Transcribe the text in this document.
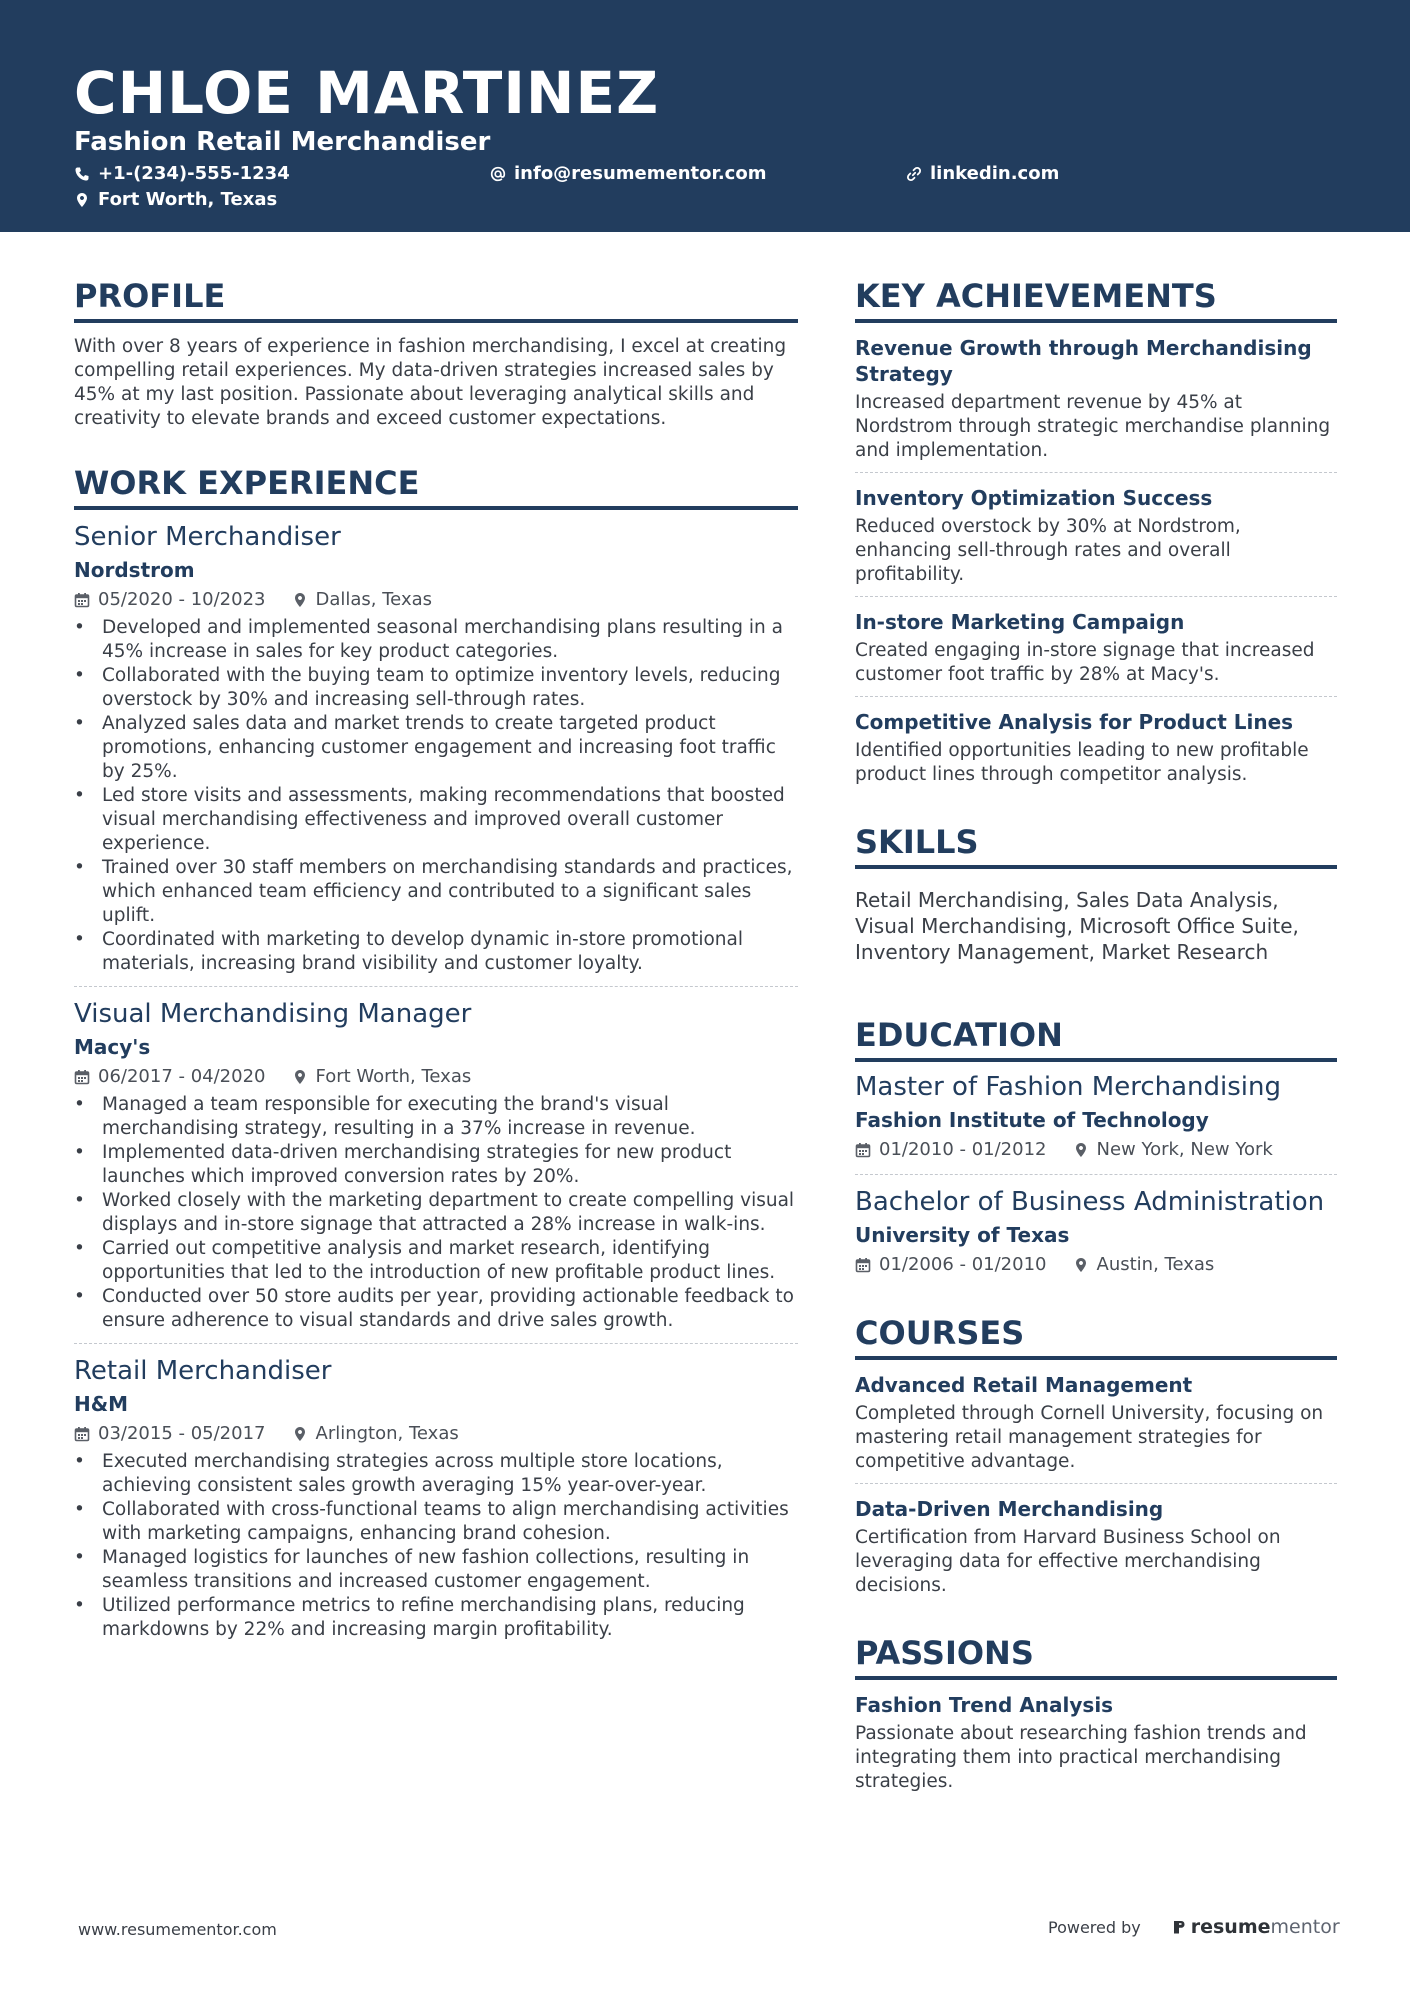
CHLOE MARTINEZ
Fashion Retail Merchandiser
+1-(234)-555-1234	info@resumementor.com	linkedin.com
Fort Worth, Texas
PROFILE
With over 8 years of experience in fashion merchandising, I excel at creating compelling retail experiences. My data-driven strategies increased sales by 45% at my last position. Passionate about leveraging analytical skills and creativity to elevate brands and exceed customer expectations.
WORK EXPERIENCE
Senior Merchandiser
Nordstrom
05/2020 - 10/2023	Dallas, Texas
• Developed and implemented seasonal merchandising plans resulting in a 45% increase in sales for key product categories.
• Collaborated with the buying team to optimize inventory levels, reducing overstock by 30% and increasing sell-through rates.
• Analyzed sales data and market trends to create targeted product promotions, enhancing customer engagement and increasing foot traffic by 25%.
• Led store visits and assessments, making recommendations that boosted visual merchandising effectiveness and improved overall customer experience.
• Trained over 30 staff members on merchandising standards and practices, which enhanced team efficiency and contributed to a significant sales uplift.
• Coordinated with marketing to develop dynamic in-store promotional materials, increasing brand visibility and customer loyalty.
Visual Merchandising Manager
Macy's
06/2017 - 04/2020	Fort Worth, Texas
• Managed a team responsible for executing the brand's visual merchandising strategy, resulting in a 37% increase in revenue.
• Implemented data-driven merchandising strategies for new product launches which improved conversion rates by 20%.
• Worked closely with the marketing department to create compelling visual displays and in-store signage that attracted a 28% increase in walk-ins.
• Carried out competitive analysis and market research, identifying opportunities that led to the introduction of new profitable product lines.
• Conducted over 50 store audits per year, providing actionable feedback to ensure adherence to visual standards and drive sales growth.
Retail Merchandiser
H&M
03/2015 - 05/2017	Arlington, Texas
• Executed merchandising strategies across multiple store locations, achieving consistent sales growth averaging 15% year-over-year.
• Collaborated with cross-functional teams to align merchandising activities with marketing campaigns, enhancing brand cohesion.
• Managed logistics for launches of new fashion collections, resulting in seamless transitions and increased customer engagement.
• Utilized performance metrics to refine merchandising plans, reducing markdowns by 22% and increasing margin profitability.
KEY ACHIEVEMENTS
Revenue Growth through Merchandising Strategy
Increased department revenue by 45% at Nordstrom through strategic merchandise planning and implementation.
Inventory Optimization Success
Reduced overstock by 30% at Nordstrom, enhancing sell-through rates and overall profitability.
In-store Marketing Campaign
Created engaging in-store signage that increased customer foot traffic by 28% at Macy's.
Competitive Analysis for Product Lines
Identified opportunities leading to new profitable product lines through competitor analysis.
SKILLS
Retail Merchandising, Sales Data Analysis, Visual Merchandising, Microsoft Office Suite, Inventory Management, Market Research
EDUCATION
Master of Fashion Merchandising
Fashion Institute of Technology
01/2010 - 01/2012	New York, New York
Bachelor of Business Administration
University of Texas
01/2006 - 01/2010	Austin, Texas
COURSES
Advanced Retail Management
Completed through Cornell University, focusing on mastering retail management strategies for competitive advantage.
Data-Driven Merchandising
Certification from Harvard Business School on leveraging data for effective merchandising decisions.
PASSIONS
Fashion Trend Analysis
Passionate about researching fashion trends and integrating them into practical merchandising strategies.
www.resumementor.com	Powered by	resume mentor
